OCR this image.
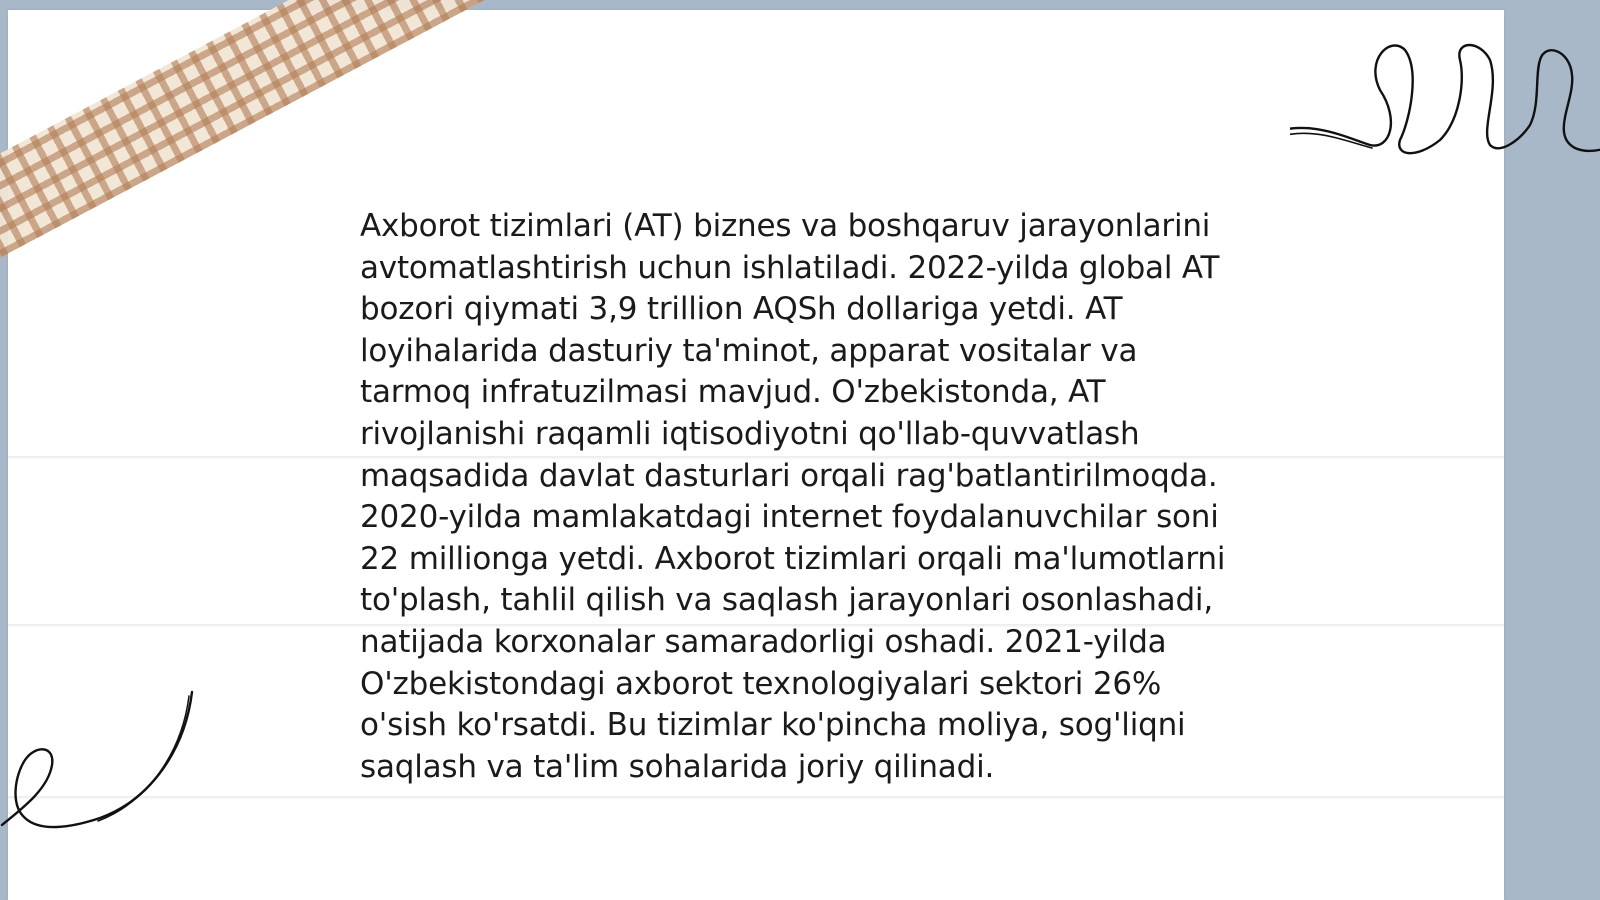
Axborot tizimlari (AT) biznes va boshqaruv jarayonlarini avtomatlashtirish uchun ishlatiladi. 2022-yilda global AT bozori qiymati 3,9 trillion AQSh dollariga yetdi. AT loyihalarida dasturiy ta'minot, apparat vositalar va tarmoq infratuzilmasi mavjud. O'zbekistonda, AT rivojlanishi raqamli iqtisodiyotni qo'llab-quvvatlash maqsadida davlat dasturlari orqali rag'batlantirilmoqda. 2020-yilda mamlakatdagi internet foydalanuvchilar soni 22 millionga yetdi. Axborot tizimlari orqali ma'lumotlarni to'plash, tahlil qilish va saqlash jarayonlari osonlashadi, natijada korxonalar samaradorligi oshadi. 2021-yilda O'zbekistondagi axborot texnologiyalari sektori 26% o'sish ko'rsatdi. Bu tizimlar ko'pincha moliya, sog'liqni saqlash va ta'lim sohalarida joriy qilinadi.
